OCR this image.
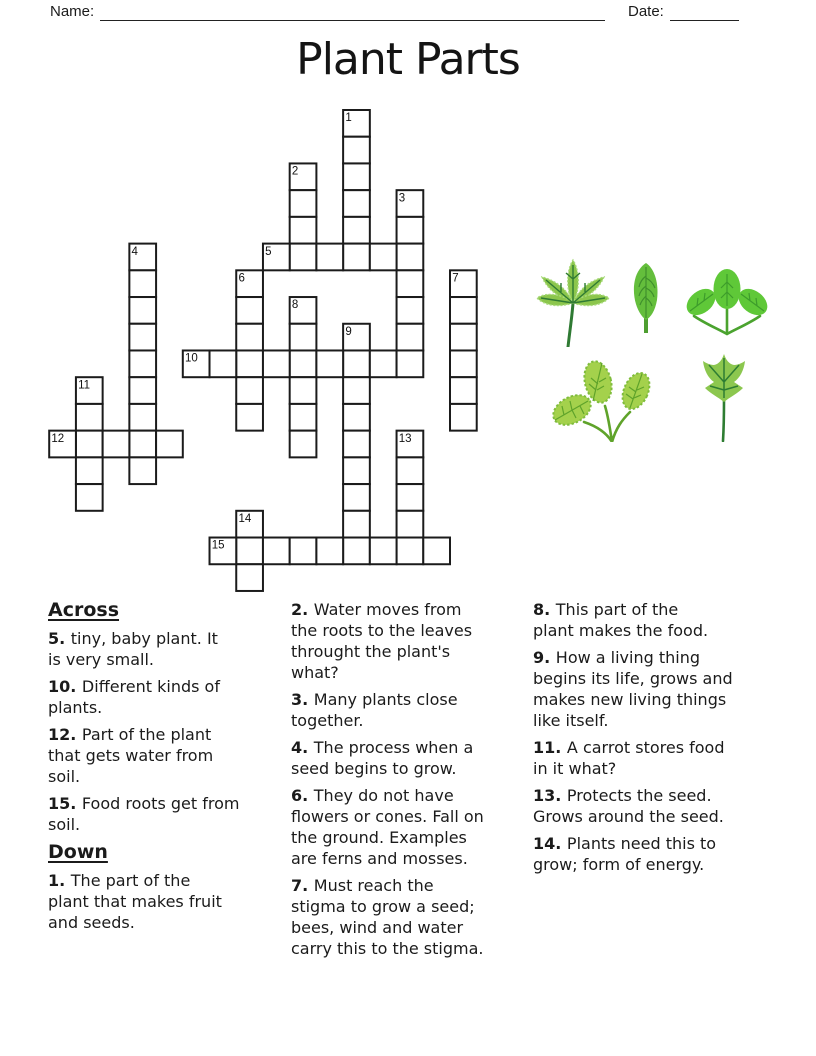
Name:	Date:
Plant Parts
1
2
3
4	5
6	7
8
9
10
11
12	13
14
15
Across
5. tiny, baby plant. It
is very small.
10. Different kinds of
plants.
12. Part of the plant
that gets water from
soil.
15. Food roots get from
soil.
Down
1. The part of the
plant that makes fruit
and seeds.
2. Water moves from
the roots to the leaves
throught the plant's
what?
3. Many plants close
together.
4. The process when a
seed begins to grow.
6. They do not have
flowers or cones. Fall on
the ground. Examples
are ferns and mosses.
7. Must reach the
stigma to grow a seed;
bees, wind and water
carry this to the stigma.
8. This part of the
plant makes the food.
9. How a living thing
begins its life, grows and
makes new living things
like itself.
11. A carrot stores food
in it what?
13. Protects the seed.
Grows around the seed.
14. Plants need this to
grow; form of energy.
